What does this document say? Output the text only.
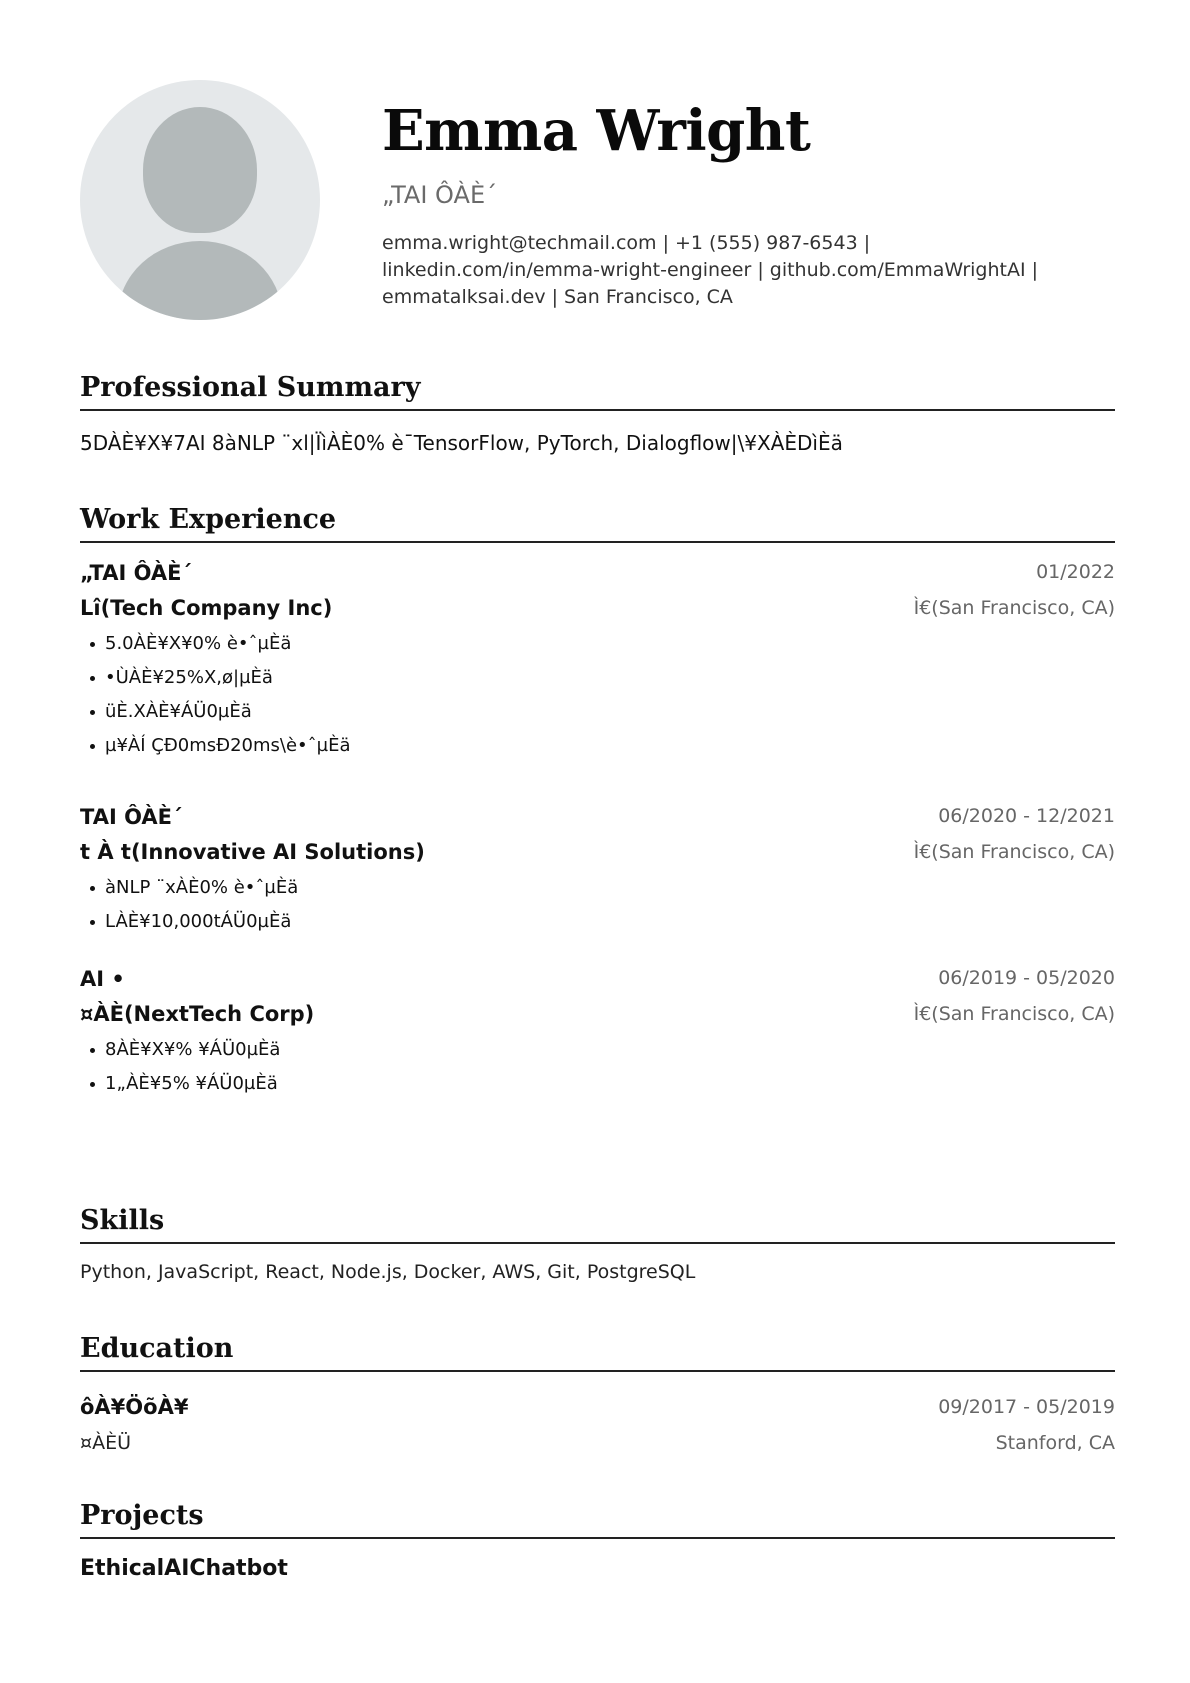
Emma Wright
„TAI ÔÀÈ´
emma.wright@techmail.com | +1 (555) 987-6543 | linkedin.com/in/emma-wright-engineer | github.com/EmmaWrightAI | emmatalksai.dev | San Francisco, CA
Professional Summary
5DÀÈ¥X¥7AI 8àNLP ¨xl|ÏìÀÈ0% è¯TensorFlow, PyTorch, Dialogflow|\¥XÀÈDìÈä
Work Experience
„TAI ÔÀÈ´	01/2022
Lî(Tech Company Inc)	Ì€(San Francisco, CA)
5.0ÀÈ¥X¥0% è•ˆµÈä
•ÙÀÈ¥25%X,ø|µÈä
üÈ.XÀÈ¥ÁÜ0µÈä
µ¥ÀÍ ÇÐ0msÐ20ms\è•ˆµÈä
TAI ÔÀÈ´	06/2020 - 12/2021
t À t(Innovative AI Solutions)	Ì€(San Francisco, CA)
àNLP ¨xÀÈ0% è•ˆµÈä
LÀÈ¥10,000tÁÜ0µÈä
AI •	06/2019 - 05/2020
¤ÀÈ(NextTech Corp)	Ì€(San Francisco, CA)
8ÀÈ¥X¥% ¥ÁÜ0µÈä
1„ÀÈ¥5% ¥ÁÜ0µÈä
Skills
Python, JavaScript, React, Node.js, Docker, AWS, Git, PostgreSQL
Education
ôÀ¥ÖõÀ¥	09/2017 - 05/2019
¤ÀÈÜ	Stanford, CA
Projects
EthicalAIChatbot
